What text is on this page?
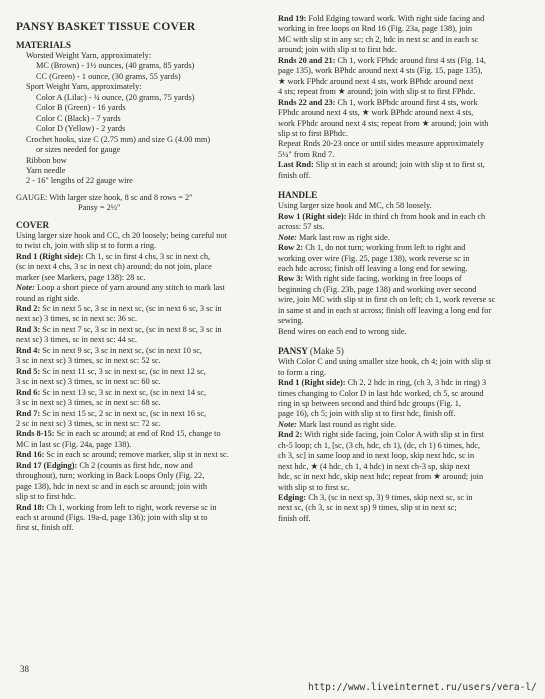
PANSY BASKET TISSUE COVER
MATERIALS
Worsted Weight Yarn, approximately:
MC (Brown) - 1½ ounces, (40 grams, 85 yards)
CC (Green) - 1 ounce, (30 grams, 55 yards)
Sport Weight Yarn, approximately:
Color A (Lilac) - ¾ ounce, (20 grams, 75 yards)
Color B (Green) - 16 yards
Color C (Black) - 7 yards
Color D (Yellow) - 2 yards
Crochet hooks, size C (2.75 mm) and size G (4.00 mm)
or sizes needed for gauge
Ribbon bow
Yarn needle
2 - 16" lengths of 22 gauge wire
GAUGE: With larger size hook, 8 sc and 8 rows = 2"
Pansy = 2½"
COVER
Using larger size hook and CC, ch 20 loosely; being careful not
to twist ch, join with slip st to form a ring.
Rnd 1 (Right side): Ch 1, sc in first 4 chs, 3 sc in next ch,
(sc in next 4 chs, 3 sc in next ch) around; do not join, place
marker (see Markers, page 138): 28 sc.
Note: Loop a short piece of yarn around any stitch to mark last
round as right side.
Rnd 2: Sc in next 5 sc, 3 sc in next sc, (sc in next 6 sc, 3 sc in
next sc) 3 times, sc in next sc: 36 sc.
Rnd 3: Sc in next 7 sc, 3 sc in next sc, (sc in next 8 sc, 3 sc in
next sc) 3 times, sc in next sc: 44 sc.
Rnd 4: Sc in next 9 sc, 3 sc in next sc, (sc in next 10 sc,
3 sc in next sc) 3 times, sc in next sc: 52 sc.
Rnd 5: Sc in next 11 sc, 3 sc in next sc, (sc in next 12 sc,
3 sc in next sc) 3 times, sc in next sc: 60 sc.
Rnd 6: Sc in next 13 sc, 3 sc in next sc, (sc in next 14 sc,
3 sc in next sc) 3 times, sc in next sc: 68 sc.
Rnd 7: Sc in next 15 sc, 2 sc in next sc, (sc in next 16 sc,
2 sc in next sc) 3 times, sc in next sc: 72 sc.
Rnds 8-15: Sc in each sc around; at end of Rnd 15, change to
MC in last sc (Fig. 24a, page 138).
Rnd 16: Sc in each sc around; remove marker, slip st in next sc.
Rnd 17 (Edging): Ch 2 (counts as first hdc, now and
throughout), turn; working in Back Loops Only (Fig. 22,
page 138), hdc in next sc and in each sc around; join with
slip st to first hdc.
Rnd 18: Ch 1, working from left to right, work reverse sc in
each st around (Figs. 19a-d, page 136); join with slip st to
first st, finish off.
Rnd 19: Fold Edging toward work. With right side facing and
working in free loops on Rnd 16 (Fig. 23a, page 138), join
MC with slip st in any sc; ch 2, hdc in next sc and in each sc
around; join with slip st to first hdc.
Rnds 20 and 21: Ch 1, work FPhdc around first 4 sts (Fig. 14,
page 135), work BPhdc around next 4 sts (Fig. 15, page 135),
★ work FPhdc around next 4 sts, work BPhdc around next
4 sts; repeat from ★ around; join with slip st to first FPhdc.
Rnds 22 and 23: Ch 1, work BPhdc around first 4 sts, work
FPhdc around next 4 sts, ★ work BPhdc around next 4 sts,
work FPhdc around next 4 sts; repeat from ★ around; join with
slip st to first BPhdc.
Repeat Rnds 20-23 once or until sides measure approximately
5¼" from Rnd 7.
Last Rnd: Slip st in each st around; join with slip st to first st,
finish off.
HANDLE
Using larger size hook and MC, ch 58 loosely.
Row 1 (Right side): Hdc in third ch from hook and in each ch
across: 57 sts.
Note: Mark last row as right side.
Row 2: Ch 1, do not turn; working from left to right and
working over wire (Fig. 25, page 138), work reverse sc in
each hdc across; finish off leaving a long end for sewing.
Row 3: With right side facing, working in free loops of
beginning ch (Fig. 23b, page 138) and working over second
wire, join MC with slip st in first ch on left; ch 1, work reverse sc
in same st and in each st across; finish off leaving a long end for
sewing.
Bend wires on each end to wrong side.
PANSY (Make 5)
With Color C and using smaller size hook, ch 4; join with slip st
to form a ring.
Rnd 1 (Right side): Ch 2, 2 hdc in ring, (ch 3, 3 hdc in ring) 3
times changing to Color D in last hdc worked, ch 5, sc around
ring in sp between second and third hdc groups (Fig. 1,
page 16), ch 5; join with slip st to first hdc, finish off.
Note: Mark last round as right side.
Rnd 2: With right side facing, join Color A with slip st in first
ch-5 loop; ch 1, [sc, (3 ch, hdc, ch 1), (dc, ch 1) 6 times, hdc,
ch 3, sc] in same loop and in next loop, skip next hdc, sc in
next hdc, ★ (4 hdc, ch 1, 4 hdc) in next ch-3 sp, skip next
hdc, sc in next hdc, skip next hdc; repeat from ★ around; join
with slip st to first sc.
Edging: Ch 3, (sc in next sp, 3) 9 times, skip next sc, sc in
next sc, (ch 3, sc in next sp) 9 times, slip st in next sc;
finish off.
38
http://www.liveinternet.ru/users/vera-l/
